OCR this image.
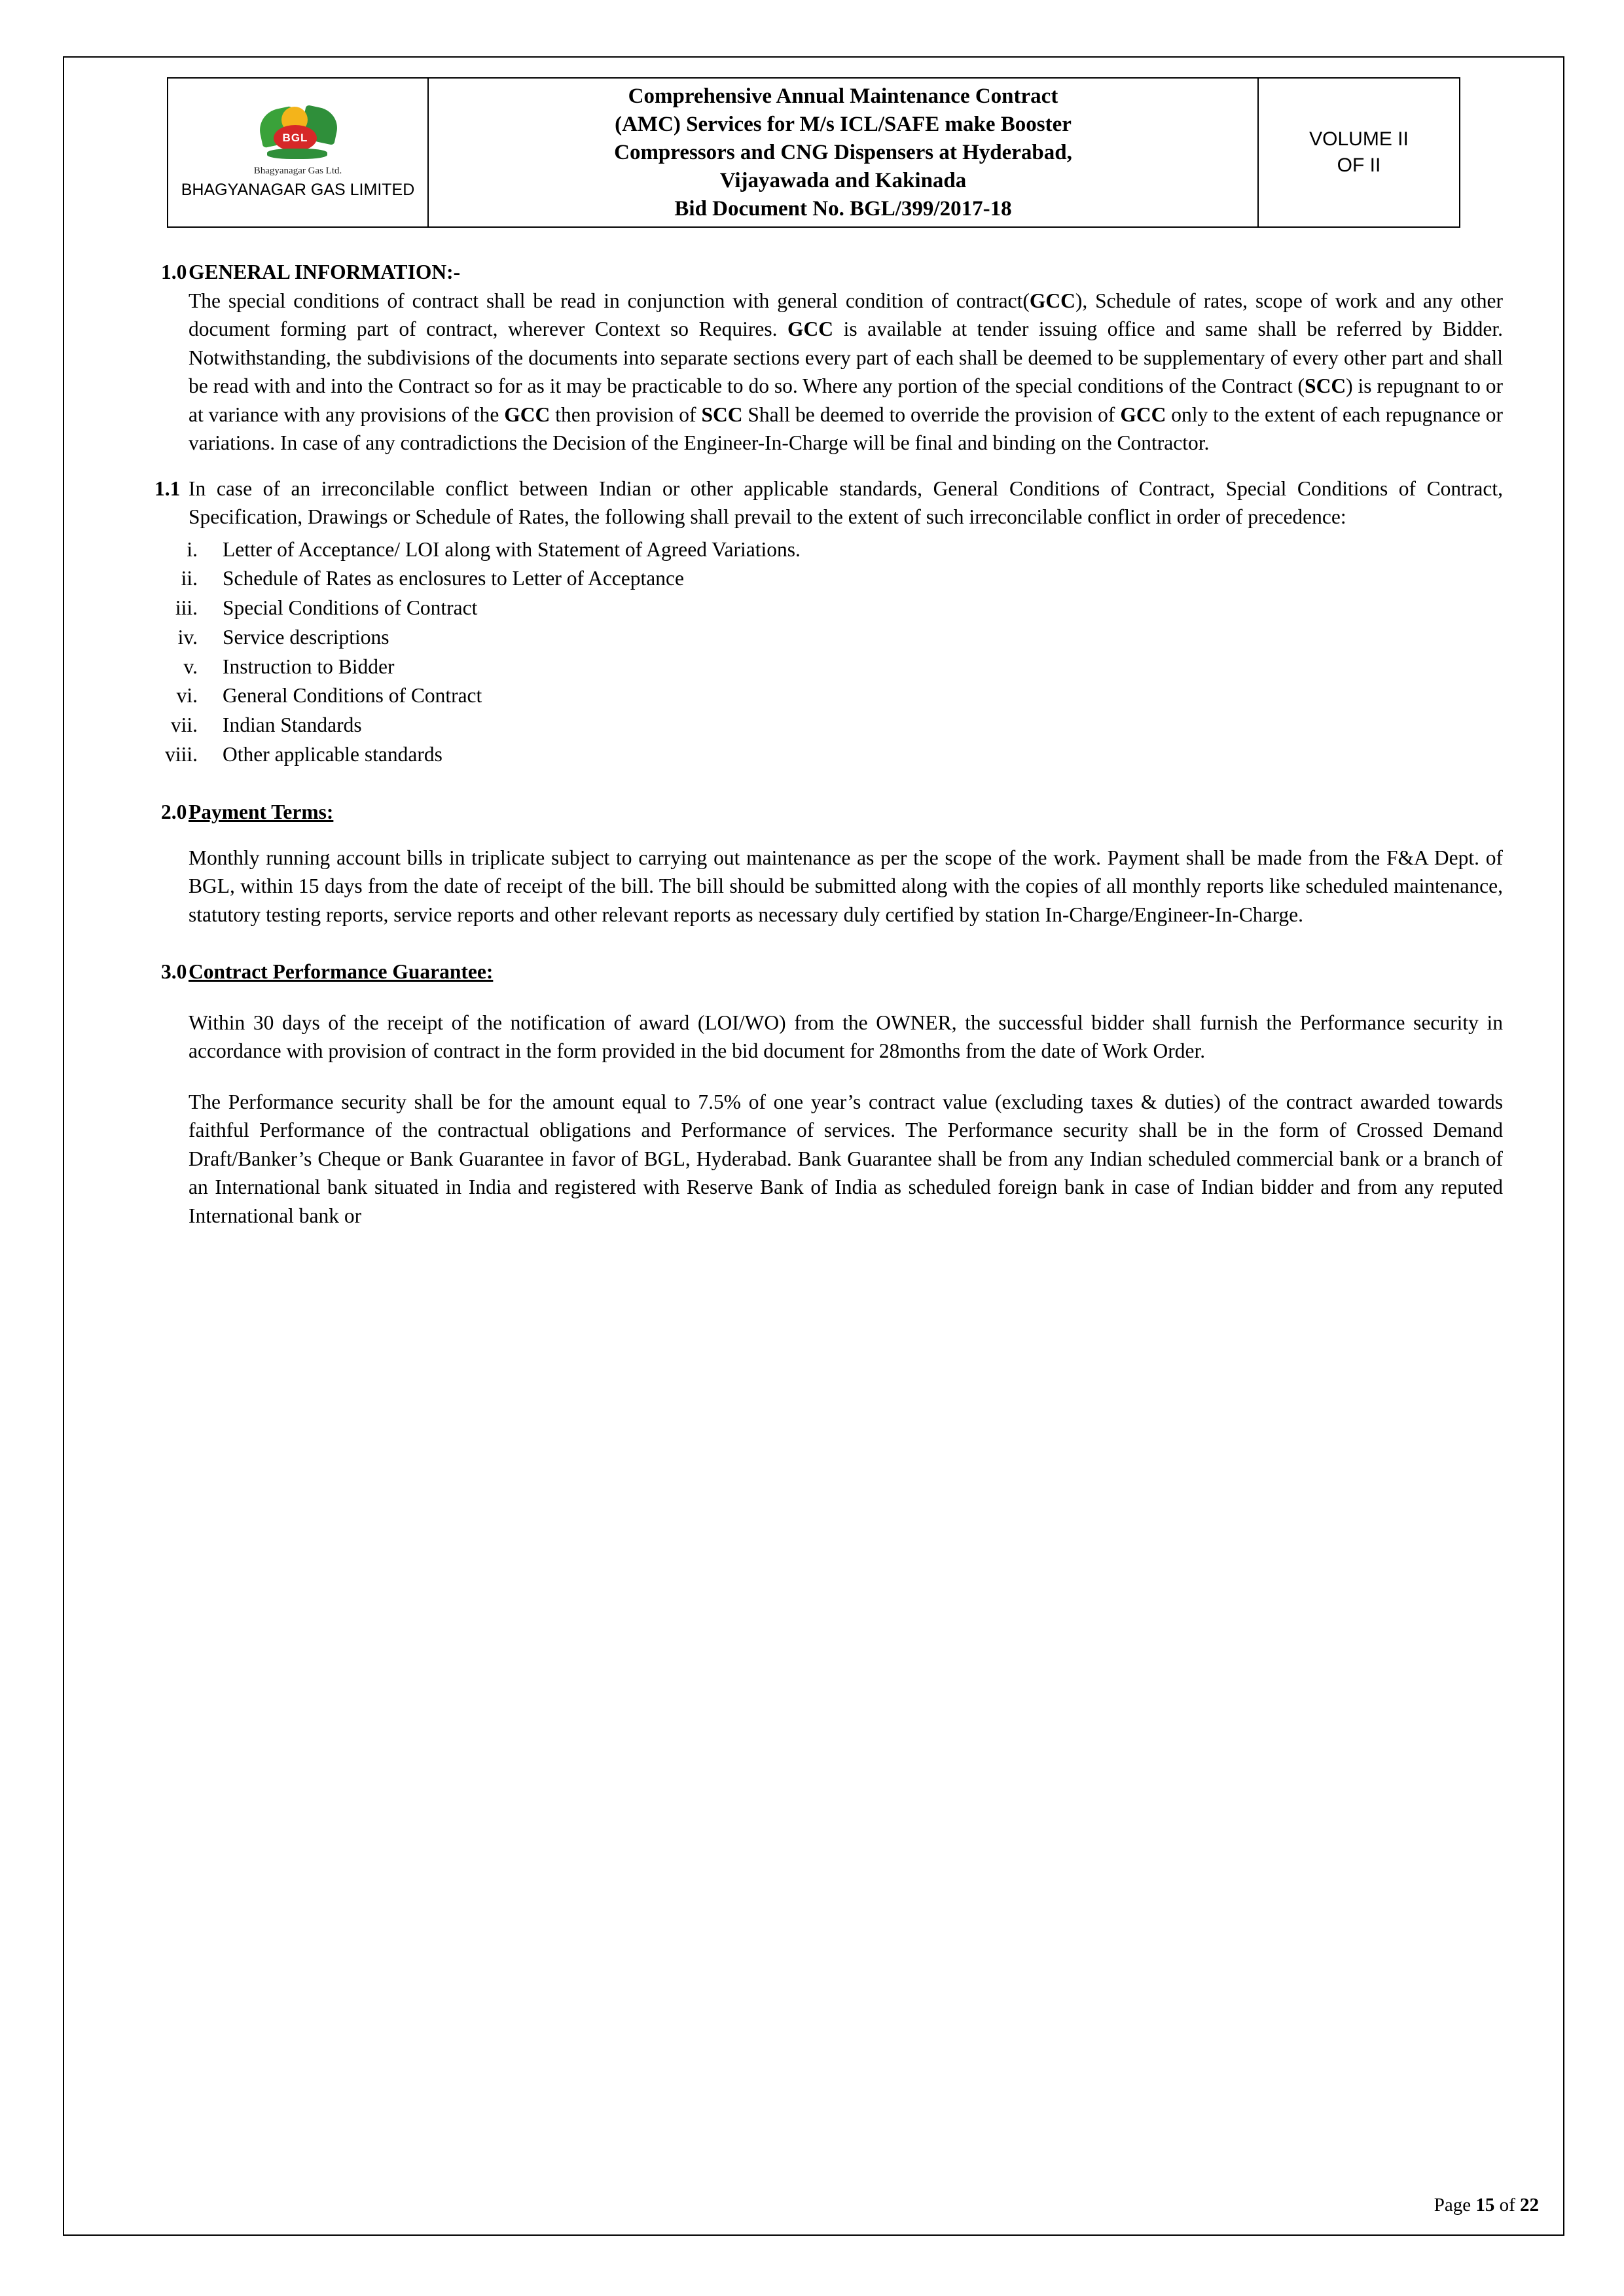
BGL
Bhagyanagar Gas Ltd.
BHAGYANAGAR GAS LIMITED

Comprehensive Annual Maintenance Contract
(AMC) Services for M/s ICL/SAFE make Booster
Compressors and CNG Dispensers at Hyderabad,
Vijayawada and Kakinada
Bid Document No. BGL/399/2017-18

VOLUME II
OF II
1.0 GENERAL INFORMATION:-
The special conditions of contract shall be read in conjunction with general condition of contract(GCC), Schedule of rates, scope of work and any other document forming part of contract, wherever Context so Requires. GCC is available at tender issuing office and same shall be referred by Bidder. Notwithstanding, the subdivisions of the documents into separate sections every part of each shall be deemed to be supplementary of every other part and shall be read with and into the Contract so for as it may be practicable to do so. Where any portion of the special conditions of the Contract (SCC) is repugnant to or at variance with any provisions of the GCC then provision of SCC Shall be deemed to override the provision of GCC only to the extent of each repugnance or variations. In case of any contradictions the Decision of the Engineer-In-Charge will be final and binding on the Contractor.
1.1 In case of an irreconcilable conflict between Indian or other applicable standards, General Conditions of Contract, Special Conditions of Contract, Specification, Drawings or Schedule of Rates, the following shall prevail to the extent of such irreconcilable conflict in order of precedence:
i.	Letter of Acceptance/ LOI along with Statement of Agreed Variations.
ii.	Schedule of Rates as enclosures to Letter of Acceptance
iii.	Special Conditions of Contract
iv.	Service descriptions
v.	Instruction to Bidder
vi.	General Conditions of Contract
vii.	Indian Standards
viii.	Other applicable standards
2.0 Payment Terms:

Monthly running account bills in triplicate subject to carrying out maintenance as per the scope of the work. Payment shall be made from the F&A Dept. of BGL, within 15 days from the date of receipt of the bill. The bill should be submitted along with the copies of all monthly reports like scheduled maintenance, statutory testing reports, service reports and other relevant reports as necessary duly certified by station In-Charge/Engineer-In-Charge.

3.0 Contract Performance Guarantee:

Within 30 days of the receipt of the notification of award (LOI/WO) from the OWNER, the successful bidder shall furnish the Performance security in accordance with provision of contract in the form provided in the bid document for 28months from the date of Work Order.

The Performance security shall be for the amount equal to 7.5% of one year’s contract value (excluding taxes & duties) of the contract awarded towards faithful Performance of the contractual obligations and Performance of services. The Performance security shall be in the form of Crossed Demand Draft/Banker’s Cheque or Bank Guarantee in favor of BGL, Hyderabad. Bank Guarantee shall be from any Indian scheduled commercial bank or a branch of an International bank situated in India and registered with Reserve Bank of India as scheduled foreign bank in case of Indian bidder and from any reputed International bank or

Page 15 of 22
